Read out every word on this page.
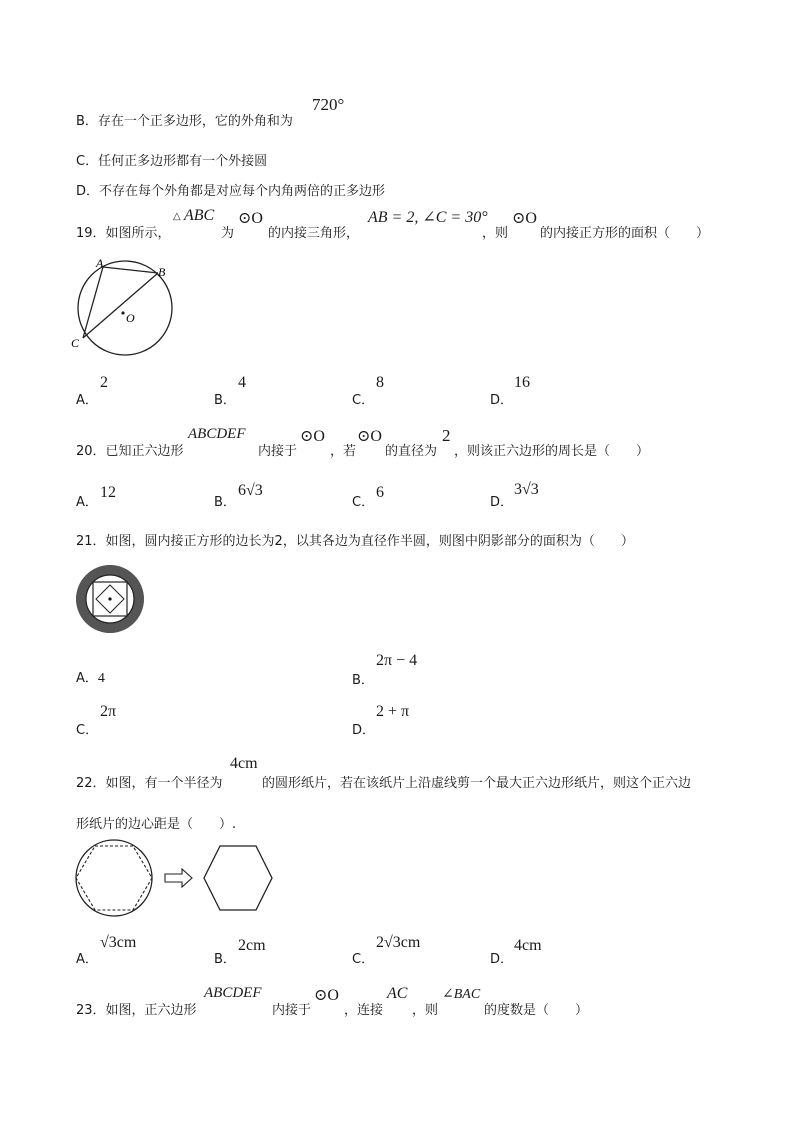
B．存在一个正多边形，它的外角和为
720°
C．任何正多边形都有一个外接圆
D．不存在每个外角都是对应每个内角两倍的正多边形
19．如图所示，
△ ABC
为
⊙O
的内接三角形，
AB = 2, ∠C = 30°
，则
⊙O
的内接正方形的面积（　　）
A
B
C
O
A．
2
B．
4
C．
8
D．
16
20．已知正六边形
ABCDEF
内接于
⊙O
，若
⊙O
的直径为
2
，则该正六边形的周长是（　　）
A．
12
B．
6√3
C．
6
D．
3√3
21．如图，圆内接正方形的边长为2，以其各边为直径作半圆，则图中阴影部分的面积为（　　）
A．4	B．
2π − 4
C．
2π
D．
2 + π
22．如图，有一个半径为
4cm
的圆形纸片，若在该纸片上沿虚线剪一个最大正六边形纸片，则这个正六边
形纸片的边心距是（　　）.
A．
√3cm
B．
2cm
C．
2√3cm
D．
4cm
23．如图，正六边形
ABCDEF
内接于
⊙O
，连接
AC
，则
∠BAC
的度数是（　　）
